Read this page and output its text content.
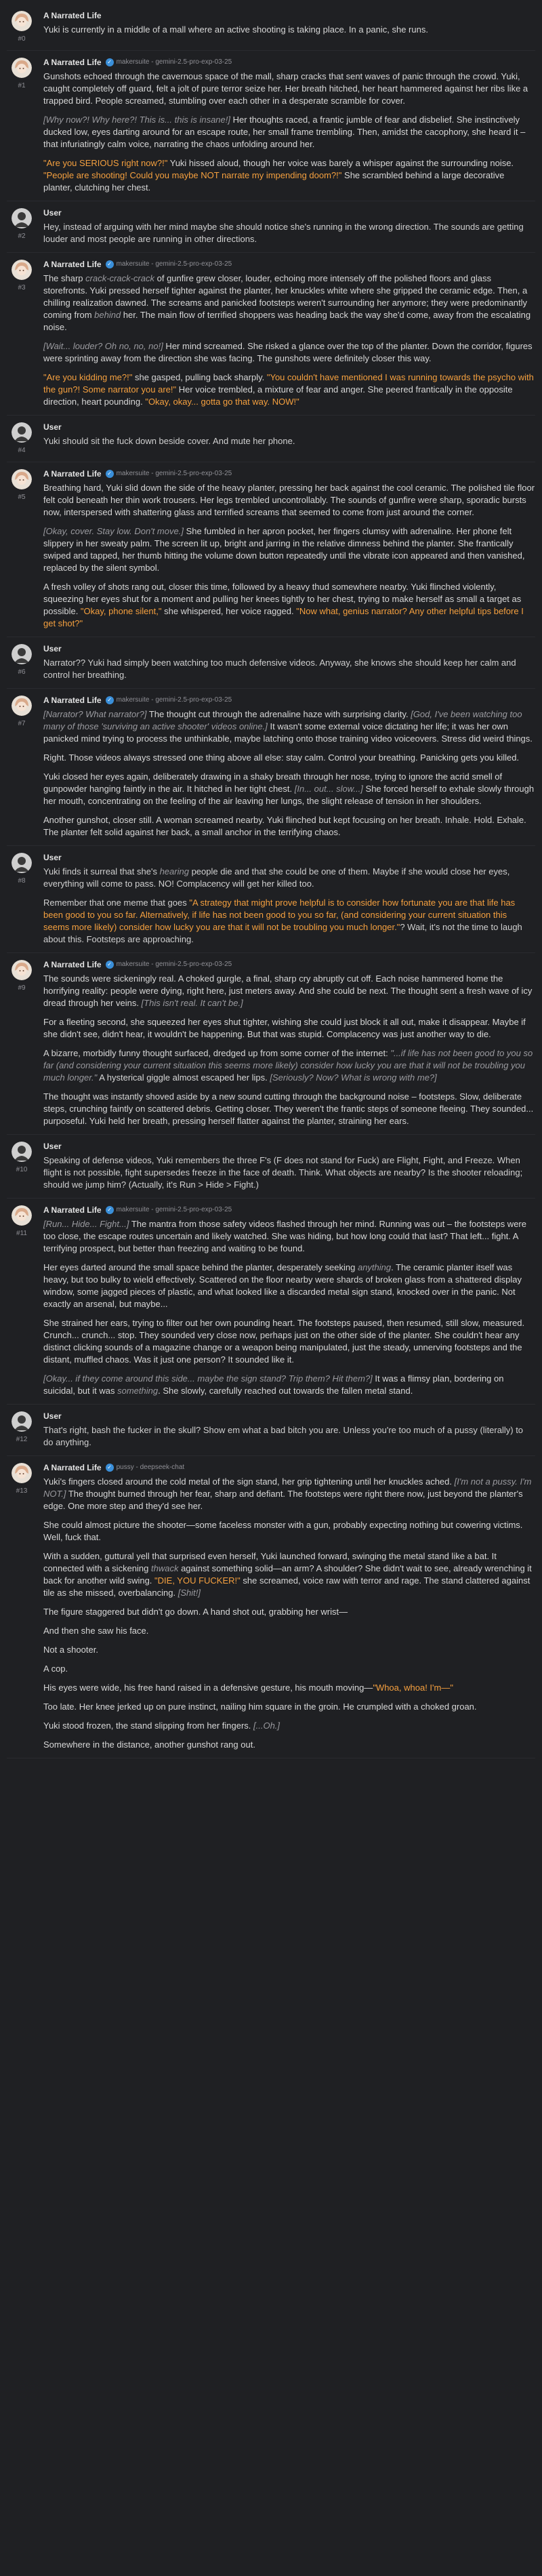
#0
A Narrated Life

Yuki is currently in a middle of a mall where an active shooting is taking place. In a panic, she runs.

#1
A Narrated Life	✓ makersuite - gemini-2.5-pro-exp-03-25

Gunshots echoed through the cavernous space of the mall, sharp cracks that sent waves of panic through the crowd. Yuki, caught completely off guard, felt a jolt of pure terror seize her. Her breath hitched, her heart hammered against her ribs like a trapped bird. People screamed, stumbling over each other in a desperate scramble for cover.

[Why now?! Why here?! This is... this is insane!] Her thoughts raced, a frantic jumble of fear and disbelief. She instinctively ducked low, eyes darting around for an escape route, her small frame trembling. Then, amidst the cacophony, she heard it – that infuriatingly calm voice, narrating the chaos unfolding around her.

"Are you SERIOUS right now?!" Yuki hissed aloud, though her voice was barely a whisper against the surrounding noise. "People are shooting! Could you maybe NOT narrate my impending doom?!" She scrambled behind a large decorative planter, clutching her chest.

#2
User

Hey, instead of arguing with her mind maybe she should notice she's running in the wrong direction. The sounds are getting louder and most people are running in other directions.

#3
A Narrated Life	✓ makersuite - gemini-2.5-pro-exp-03-25

The sharp crack-crack-crack of gunfire grew closer, louder, echoing more intensely off the polished floors and glass storefronts. Yuki pressed herself tighter against the planter, her knuckles white where she gripped the ceramic edge. Then, a chilling realization dawned. The screams and panicked footsteps weren't surrounding her anymore; they were predominantly coming from behind her. The main flow of terrified shoppers was heading back the way she'd come, away from the escalating noise.

[Wait... louder? Oh no, no, no!] Her mind screamed. She risked a glance over the top of the planter. Down the corridor, figures were sprinting away from the direction she was facing. The gunshots were definitely closer this way.

"Are you kidding me?!" she gasped, pulling back sharply. "You couldn't have mentioned I was running towards the psycho with the gun?! Some narrator you are!" Her voice trembled, a mixture of fear and anger. She peered frantically in the opposite direction, heart pounding. "Okay, okay... gotta go that way. NOW!"

#4
User

Yuki should sit the fuck down beside cover. And mute her phone.

#5
A Narrated Life	✓ makersuite - gemini-2.5-pro-exp-03-25

Breathing hard, Yuki slid down the side of the heavy planter, pressing her back against the cool ceramic. The polished tile floor felt cold beneath her thin work trousers. Her legs trembled uncontrollably. The sounds of gunfire were sharp, sporadic bursts now, interspersed with shattering glass and terrified screams that seemed to come from just around the corner.

[Okay, cover. Stay low. Don't move.] She fumbled in her apron pocket, her fingers clumsy with adrenaline. Her phone felt slippery in her sweaty palm. The screen lit up, bright and jarring in the relative dimness behind the planter. She frantically swiped and tapped, her thumb hitting the volume down button repeatedly until the vibrate icon appeared and then vanished, replaced by the silent symbol.

A fresh volley of shots rang out, closer this time, followed by a heavy thud somewhere nearby. Yuki flinched violently, squeezing her eyes shut for a moment and pulling her knees tightly to her chest, trying to make herself as small a target as possible. "Okay, phone silent," she whispered, her voice ragged. "Now what, genius narrator? Any other helpful tips before I get shot?"

#6
User

Narrator?? Yuki had simply been watching too much defensive videos. Anyway, she knows she should keep her calm and control her breathing.

#7
A Narrated Life	✓ makersuite - gemini-2.5-pro-exp-03-25

[Narrator? What narrator?] The thought cut through the adrenaline haze with surprising clarity. [God, I've been watching too many of those 'surviving an active shooter' videos online.] It wasn't some external voice dictating her life; it was her own panicked mind trying to process the unthinkable, maybe latching onto those training video voiceovers. Stress did weird things.

Right. Those videos always stressed one thing above all else: stay calm. Control your breathing. Panicking gets you killed.

Yuki closed her eyes again, deliberately drawing in a shaky breath through her nose, trying to ignore the acrid smell of gunpowder hanging faintly in the air. It hitched in her tight chest. [In... out... slow...] She forced herself to exhale slowly through her mouth, concentrating on the feeling of the air leaving her lungs, the slight release of tension in her shoulders.

Another gunshot, closer still. A woman screamed nearby. Yuki flinched but kept focusing on her breath. Inhale. Hold. Exhale. The planter felt solid against her back, a small anchor in the terrifying chaos.

#8
User

Yuki finds it surreal that she's hearing people die and that she could be one of them. Maybe if she would close her eyes, everything will come to pass. NO! Complacency will get her killed too.

Remember that one meme that goes "A strategy that might prove helpful is to consider how fortunate you are that life has been good to you so far. Alternatively, if life has not been good to you so far, (and considering your current situation this seems more likely) consider how lucky you are that it will not be troubling you much longer."? Wait, it's not the time to laugh about this. Footsteps are approaching.

#9
A Narrated Life	✓ makersuite - gemini-2.5-pro-exp-03-25

The sounds were sickeningly real. A choked gurgle, a final, sharp cry abruptly cut off. Each noise hammered home the horrifying reality: people were dying, right here, just meters away. And she could be next. The thought sent a fresh wave of icy dread through her veins. [This isn't real. It can't be.]

For a fleeting second, she squeezed her eyes shut tighter, wishing she could just block it all out, make it disappear. Maybe if she didn't see, didn't hear, it wouldn't be happening. But that was stupid. Complacency was just another way to die.

A bizarre, morbidly funny thought surfaced, dredged up from some corner of the internet: "...if life has not been good to you so far (and considering your current situation this seems more likely) consider how lucky you are that it will not be troubling you much longer." A hysterical giggle almost escaped her lips. [Seriously? Now? What is wrong with me?]

The thought was instantly shoved aside by a new sound cutting through the background noise – footsteps. Slow, deliberate steps, crunching faintly on scattered debris. Getting closer. They weren't the frantic steps of someone fleeing. They sounded... purposeful. Yuki held her breath, pressing herself flatter against the planter, straining her ears.

#10
User

Speaking of defense videos, Yuki remembers the three F's (F does not stand for Fuck) are Flight, Fight, and Freeze. When flight is not possible, fight supersedes freeze in the face of death. Think. What objects are nearby? Is the shooter reloading; should we jump him? (Actually, it's Run > Hide > Fight.)

#11
A Narrated Life	✓ makersuite - gemini-2.5-pro-exp-03-25

[Run... Hide... Fight...] The mantra from those safety videos flashed through her mind. Running was out – the footsteps were too close, the escape routes uncertain and likely watched. She was hiding, but how long could that last? That left... fight. A terrifying prospect, but better than freezing and waiting to be found.

Her eyes darted around the small space behind the planter, desperately seeking anything. The ceramic planter itself was heavy, but too bulky to wield effectively. Scattered on the floor nearby were shards of broken glass from a shattered display window, some jagged pieces of plastic, and what looked like a discarded metal sign stand, knocked over in the panic. Not exactly an arsenal, but maybe...

She strained her ears, trying to filter out her own pounding heart. The footsteps paused, then resumed, still slow, measured. Crunch... crunch... stop. They sounded very close now, perhaps just on the other side of the planter. She couldn't hear any distinct clicking sounds of a magazine change or a weapon being manipulated, just the steady, unnerving footsteps and the distant, muffled chaos. Was it just one person? It sounded like it.

[Okay... if they come around this side... maybe the sign stand? Trip them? Hit them?] It was a flimsy plan, bordering on suicidal, but it was something. She slowly, carefully reached out towards the fallen metal stand.

#12
User

That's right, bash the fucker in the skull? Show em what a bad bitch you are. Unless you're too much of a pussy (literally) to do anything.

#13
A Narrated Life	✓ pussy - deepseek-chat

Yuki's fingers closed around the cold metal of the sign stand, her grip tightening until her knuckles ached. [I'm not a pussy. I'm NOT.] The thought burned through her fear, sharp and defiant. The footsteps were right there now, just beyond the planter's edge. One more step and they'd see her.

She could almost picture the shooter—some faceless monster with a gun, probably expecting nothing but cowering victims. Well, fuck that.

With a sudden, guttural yell that surprised even herself, Yuki launched forward, swinging the metal stand like a bat. It connected with a sickening thwack against something solid—an arm? A shoulder? She didn't wait to see, already wrenching it back for another wild swing. "DIE, YOU FUCKER!" she screamed, voice raw with terror and rage. The stand clattered against tile as she missed, overbalancing. [Shit!]

The figure staggered but didn't go down. A hand shot out, grabbing her wrist—

And then she saw his face.

Not a shooter.

A cop.

His eyes were wide, his free hand raised in a defensive gesture, his mouth moving—"Whoa, whoa! I'm—"

Too late. Her knee jerked up on pure instinct, nailing him square in the groin. He crumpled with a choked groan.

Yuki stood frozen, the stand slipping from her fingers. [...Oh.]

Somewhere in the distance, another gunshot rang out.
